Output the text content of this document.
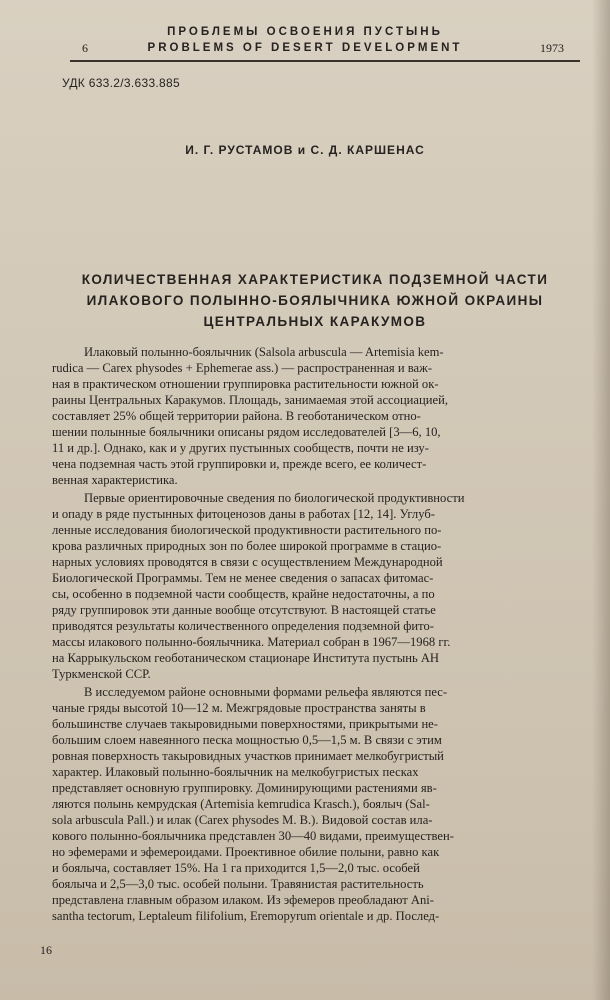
ПРОБЛЕМЫ ОСВОЕНИЯ ПУСТЫНЬ
6	PROBLEMS OF DESERT DEVELOPMENT	1973
УДК 633.2/3.633.885
И. Г. РУСТАМОВ и С. Д. КАРШЕНАС
КОЛИЧЕСТВЕННАЯ ХАРАКТЕРИСТИКА ПОДЗЕМНОЙ ЧАСТИ
ИЛАКОВОГО ПОЛЫННО-БОЯЛЫЧНИКА ЮЖНОЙ ОКРАИНЫ
ЦЕНТРАЛЬНЫХ КАРАКУМОВ
Илаковый полынно-боялычник (Salsola arbuscula — Artemisia kem-
rudica — Carex physodes + Ephemerae ass.) — распространенная и важ-
ная в практическом отношении группировка растительности южной ок-
раины Центральных Каракумов. Площадь, занимаемая этой ассоциацией,
составляет 25% общей территории района. В геоботаническом отно-
шении полынные боялычники описаны рядом исследователей [3—6, 10,
11 и др.]. Однако, как и у других пустынных сообществ, почти не изу-
чена подземная часть этой группировки и, прежде всего, ее количест-
венная характеристика.
Первые ориентировочные сведения по биологической продуктивности
и опаду в ряде пустынных фитоценозов даны в работах [12, 14]. Углуб-
ленные исследования биологической продуктивности растительного по-
крова различных природных зон по более широкой программе в стацио-
нарных условиях проводятся в связи с осуществлением Международной
Биологической Программы. Тем не менее сведения о запасах фитомас-
сы, особенно в подземной части сообществ, крайне недостаточны, а по
ряду группировок эти данные вообще отсутствуют. В настоящей статье
приводятся результаты количественного определения подземной фито-
массы илакового полынно-боялычника. Материал собран в 1967—1968 гг.
на Каррыкульском геоботаническом стационаре Института пустынь АН
Туркменской ССР.
В исследуемом районе основными формами рельефа являются пес-
чаные гряды высотой 10—12 м. Межгрядовые пространства заняты в
большинстве случаев такыровидными поверхностями, прикрытыми не-
большим слоем навеянного песка мощностью 0,5—1,5 м. В связи с этим
ровная поверхность такыровидных участков принимает мелкобугристый
характер. Илаковый полынно-боялычник на мелкобугристых песках
представляет основную группировку. Доминирующими растениями яв-
ляются полынь кемрудская (Artemisia kemrudica Krasch.), боялыч (Sal-
sola arbuscula Pall.) и илак (Carex physodes M. B.). Видовой состав ила-
кового полынно-боялычника представлен 30—40 видами, преимуществен-
но эфемерами и эфемероидами. Проективное обилие полыни, равно как
и боялыча, составляет 15%. На 1 га приходится 1,5—2,0 тыс. особей
боялыча и 2,5—3,0 тыс. особей полыни. Травянистая растительность
представлена главным образом илаком. Из эфемеров преобладают Ani-
santha tectorum, Leptaleum filifolium, Eremopyrum orientale и др. Послед-
16
